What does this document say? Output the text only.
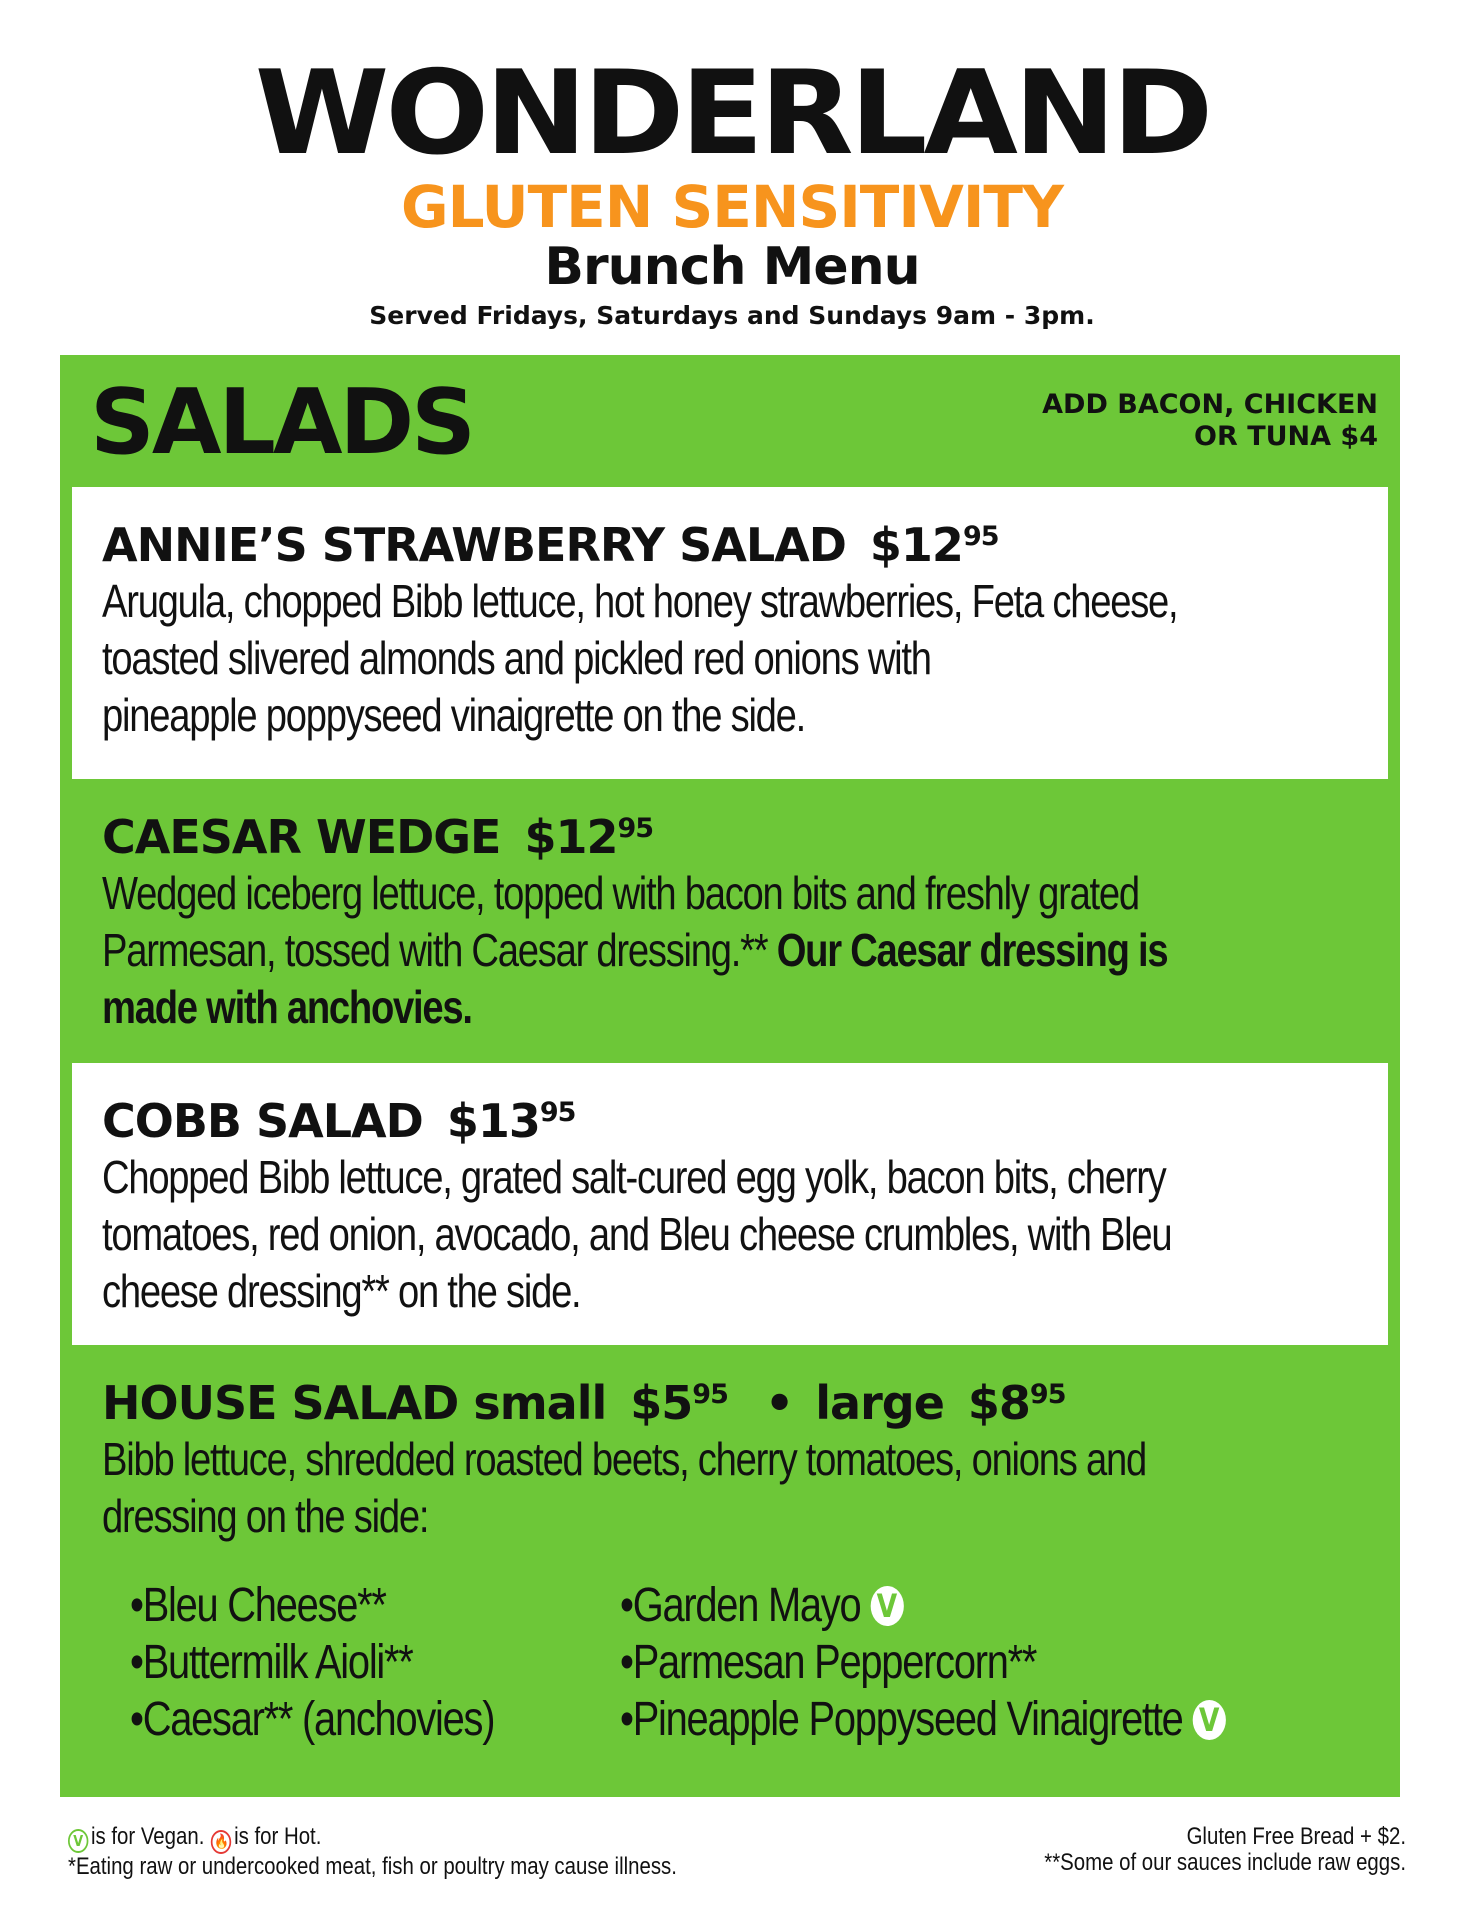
WONDERLAND
GLUTEN SENSITIVITY
Brunch Menu
Served Fridays, Saturdays and Sundays 9am - 3pm.
SALADS	ADD BACON, CHICKEN
OR TUNA $4
ANNIE’S STRAWBERRY SALAD $\$12^{95}$
Arugula, chopped Bibb lettuce, hot honey strawberries, Feta cheese,
toasted slivered almonds and pickled red onions with
pineapple poppyseed vinaigrette on the side.
CAESAR WEDGE $\$12^{95}$
Wedged iceberg lettuce, topped with bacon bits and freshly grated
Parmesan, tossed with Caesar dressing.** Our Caesar dressing is
made with anchovies.
COBB SALAD $\$13^{95}$
Chopped Bibb lettuce, grated salt-cured egg yolk, bacon bits, cherry
tomatoes, red onion, avocado, and Bleu cheese crumbles, with Bleu
cheese dressing** on the side.
HOUSE SALAD small $\$5^{95}$ • large $\$8^{95}$
Bibb lettuce, shredded roasted beets, cherry tomatoes, onions and
dressing on the side:
•Bleu Cheese**
•Buttermilk Aioli**
•Caesar** (anchovies)
•Garden Mayo V
•Parmesan Peppercorn**
•Pineapple Poppyseed Vinaigrette V
V is for Vegan. 🔥 is for Hot.
*Eating raw or undercooked meat, fish or poultry may cause illness.
Gluten Free Bread + $2.
**Some of our sauces include raw eggs.
